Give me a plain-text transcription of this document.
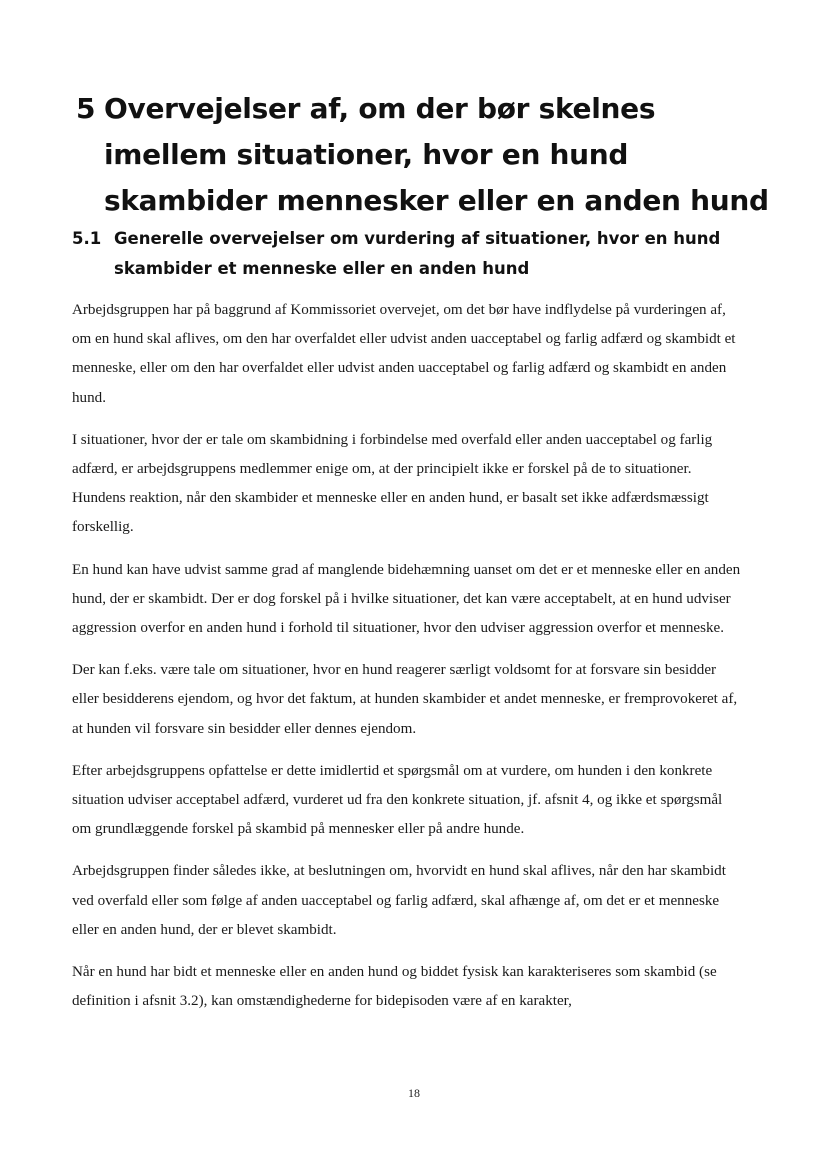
5 Overvejelser af, om der bør skelnes imellem situationer, hvor en hund skambider mennesker eller en anden hund
5.1 Generelle overvejelser om vurdering af situationer, hvor en hund skambider et menneske eller en anden hund

Arbejdsgruppen har på baggrund af Kommissoriet overvejet, om det bør have indflydelse på vurderingen af, om en hund skal aflives, om den har overfaldet eller udvist anden uacceptabel og farlig adfærd og skambidt et menneske, eller om den har overfaldet eller udvist anden uacceptabel og farlig adfærd og skambidt en anden hund.

I situationer, hvor der er tale om skambidning i forbindelse med overfald eller anden uacceptabel og farlig adfærd, er arbejdsgruppens medlemmer enige om, at der principielt ikke er forskel på de to situationer. Hundens reaktion, når den skambider et menneske eller en anden hund, er basalt set ikke adfærdsmæssigt forskellig.

En hund kan have udvist samme grad af manglende bidehæmning uanset om det er et menneske eller en anden hund, der er skambidt. Der er dog forskel på i hvilke situationer, det kan være acceptabelt, at en hund udviser aggression overfor en anden hund i forhold til situationer, hvor den udviser aggression overfor et menneske.

Der kan f.eks. være tale om situationer, hvor en hund reagerer særligt voldsomt for at forsvare sin besidder eller besidderens ejendom, og hvor det faktum, at hunden skambider et andet menneske, er fremprovokeret af, at hunden vil forsvare sin besidder eller dennes ejendom.

Efter arbejdsgruppens opfattelse er dette imidlertid et spørgsmål om at vurdere, om hunden i den konkrete situation udviser acceptabel adfærd, vurderet ud fra den konkrete situation, jf. afsnit 4, og ikke et spørgsmål om grundlæggende forskel på skambid på mennesker eller på andre hunde.

Arbejdsgruppen finder således ikke, at beslutningen om, hvorvidt en hund skal aflives, når den har skambidt ved overfald eller som følge af anden uacceptabel og farlig adfærd, skal afhænge af, om det er et menneske eller en anden hund, der er blevet skambidt.

Når en hund har bidt et menneske eller en anden hund og biddet fysisk kan karakteriseres som skambid (se definition i afsnit 3.2), kan omstændighederne for bidepisoden være af en karakter,

18
